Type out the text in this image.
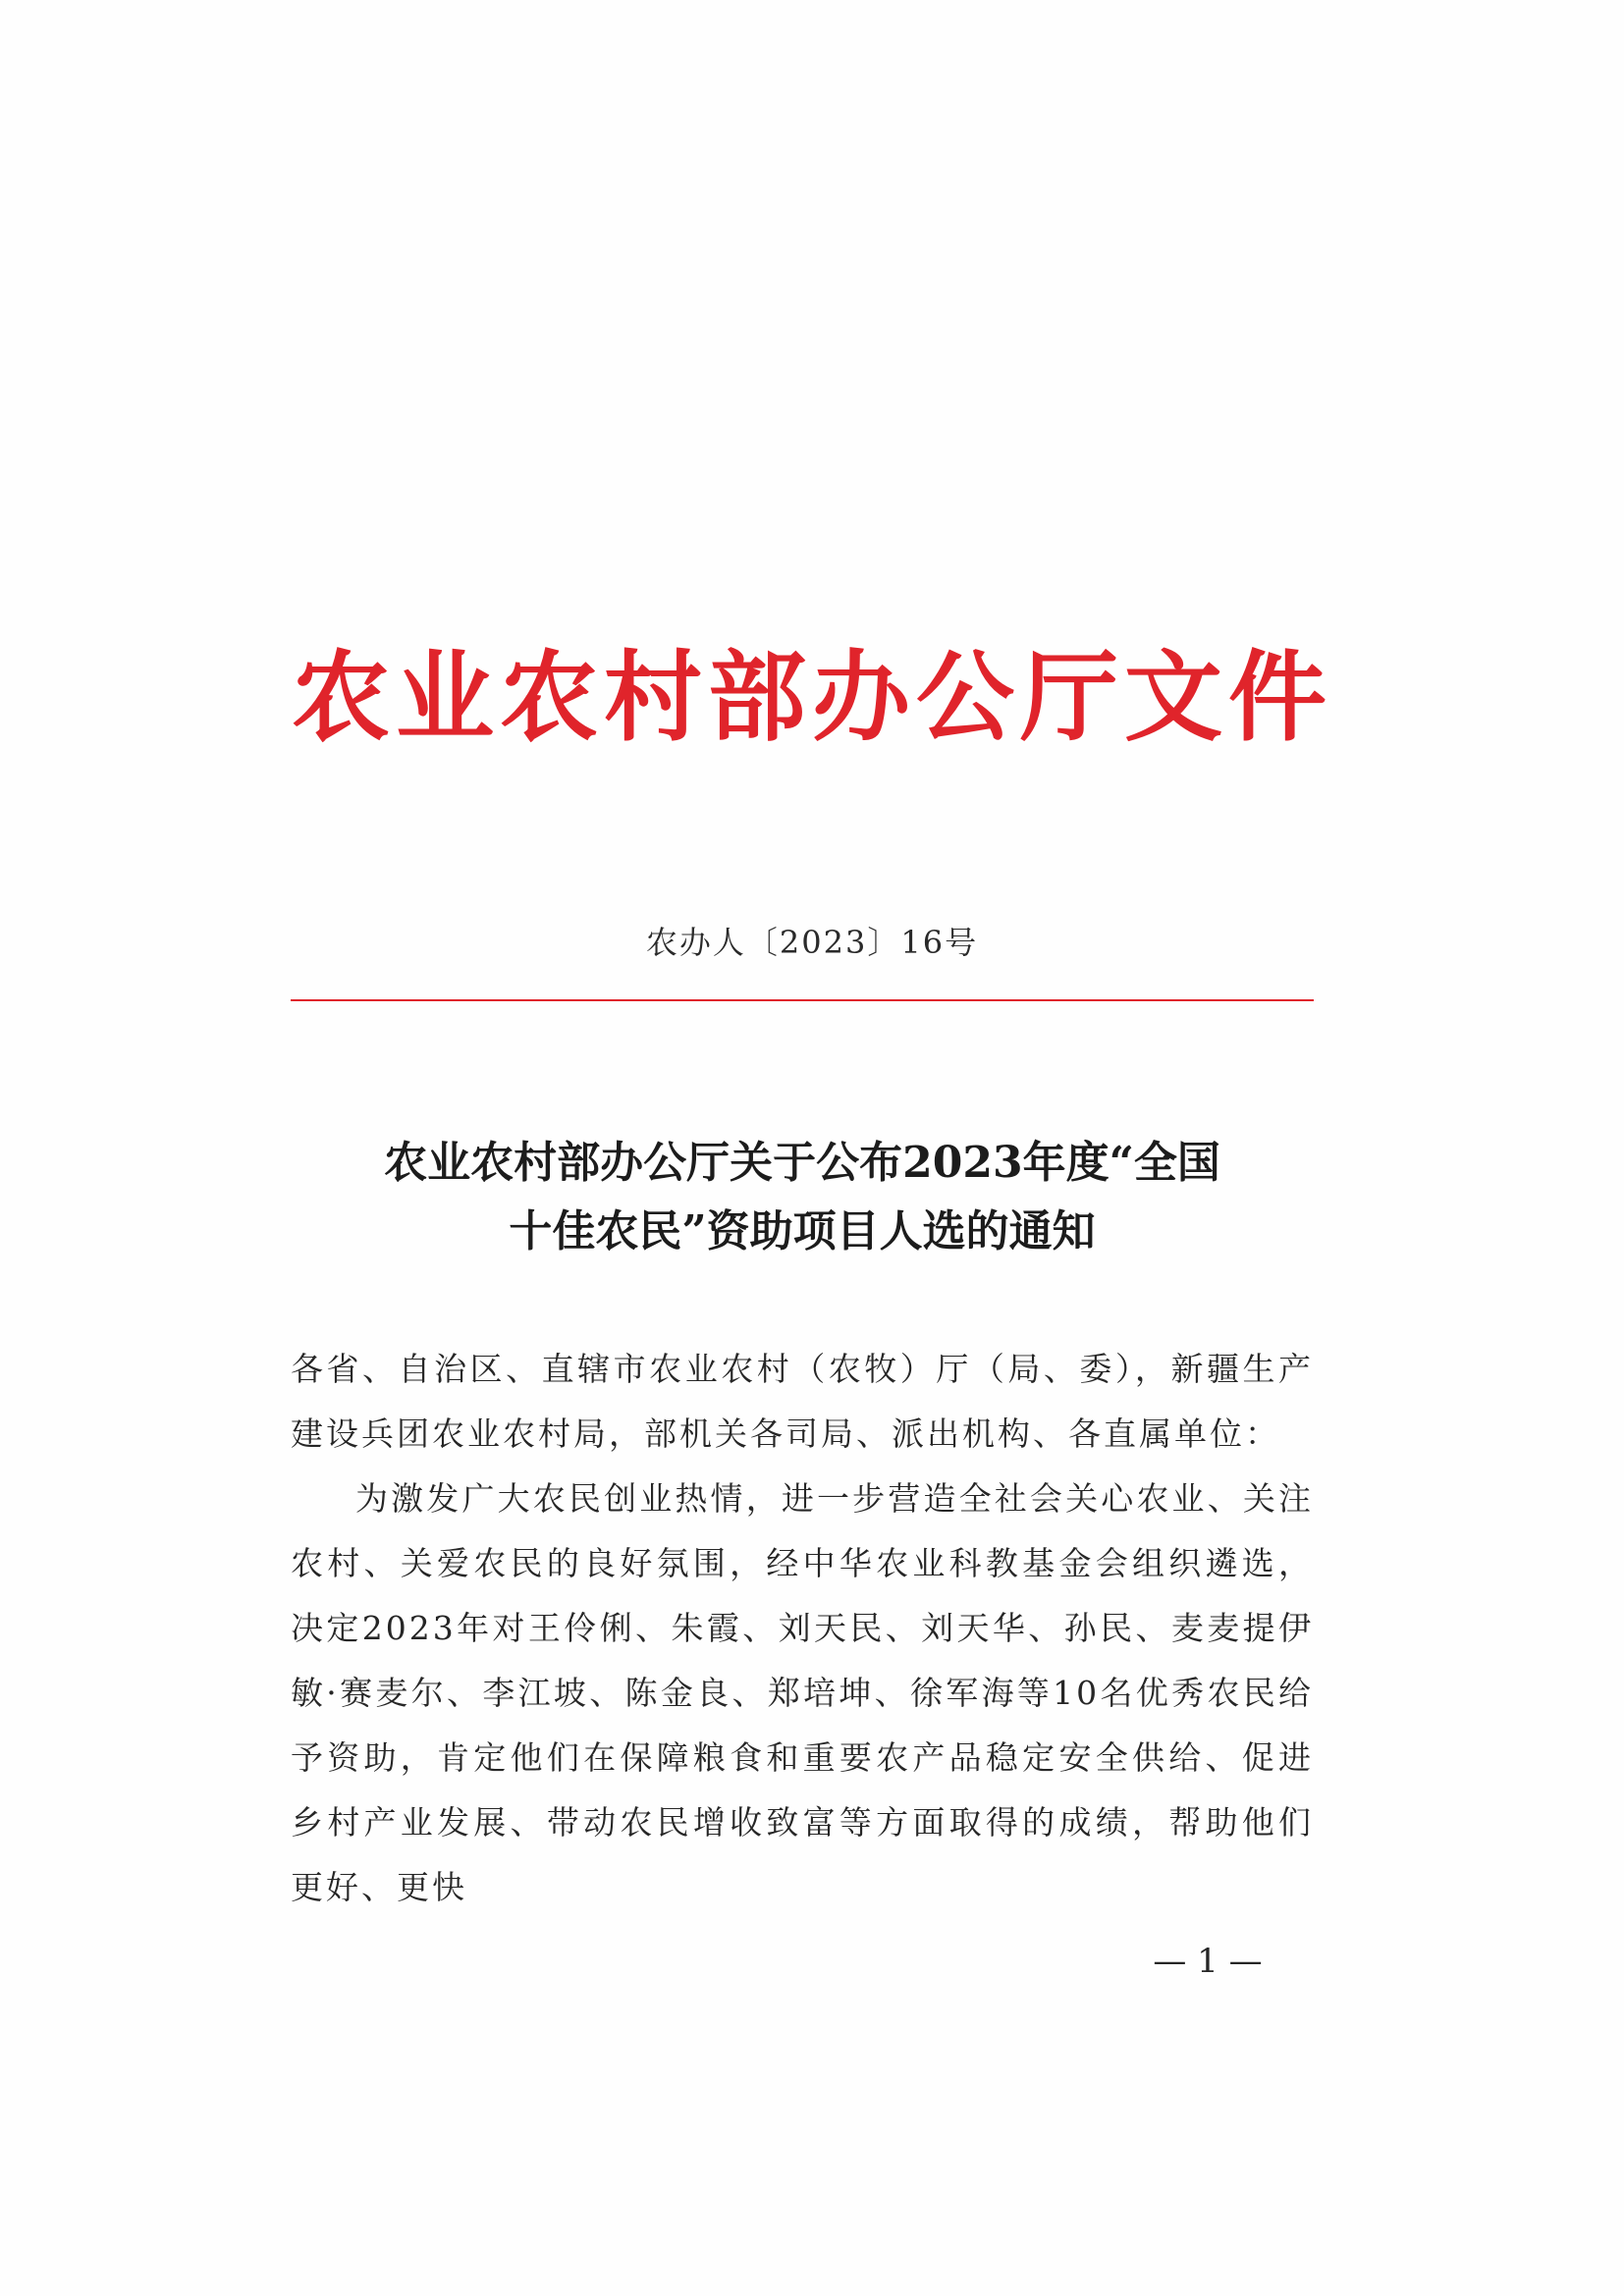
农业农村部办公厅文件
农办人〔2023〕16号
农业农村部办公厅关于公布2023年度“全国
十佳农民”资助项目人选的通知

各省、自治区、直辖市农业农村（农牧）厅（局、委），新疆生产建设兵团农业农村局，部机关各司局、派出机构、各直属单位：

为激发广大农民创业热情，进一步营造全社会关心农业、关注农村、关爱农民的良好氛围，经中华农业科教基金会组织遴选，决定2023年对王伶俐、朱霞、刘天民、刘天华、孙民、麦麦提伊敏·赛麦尔、李江坡、陈金良、郑培坤、徐军海等10名优秀农民给予资助，肯定他们在保障粮食和重要农产品稳定安全供给、促进乡村产业发展、带动农民增收致富等方面取得的成绩，帮助他们更好、更快

— 1 —
